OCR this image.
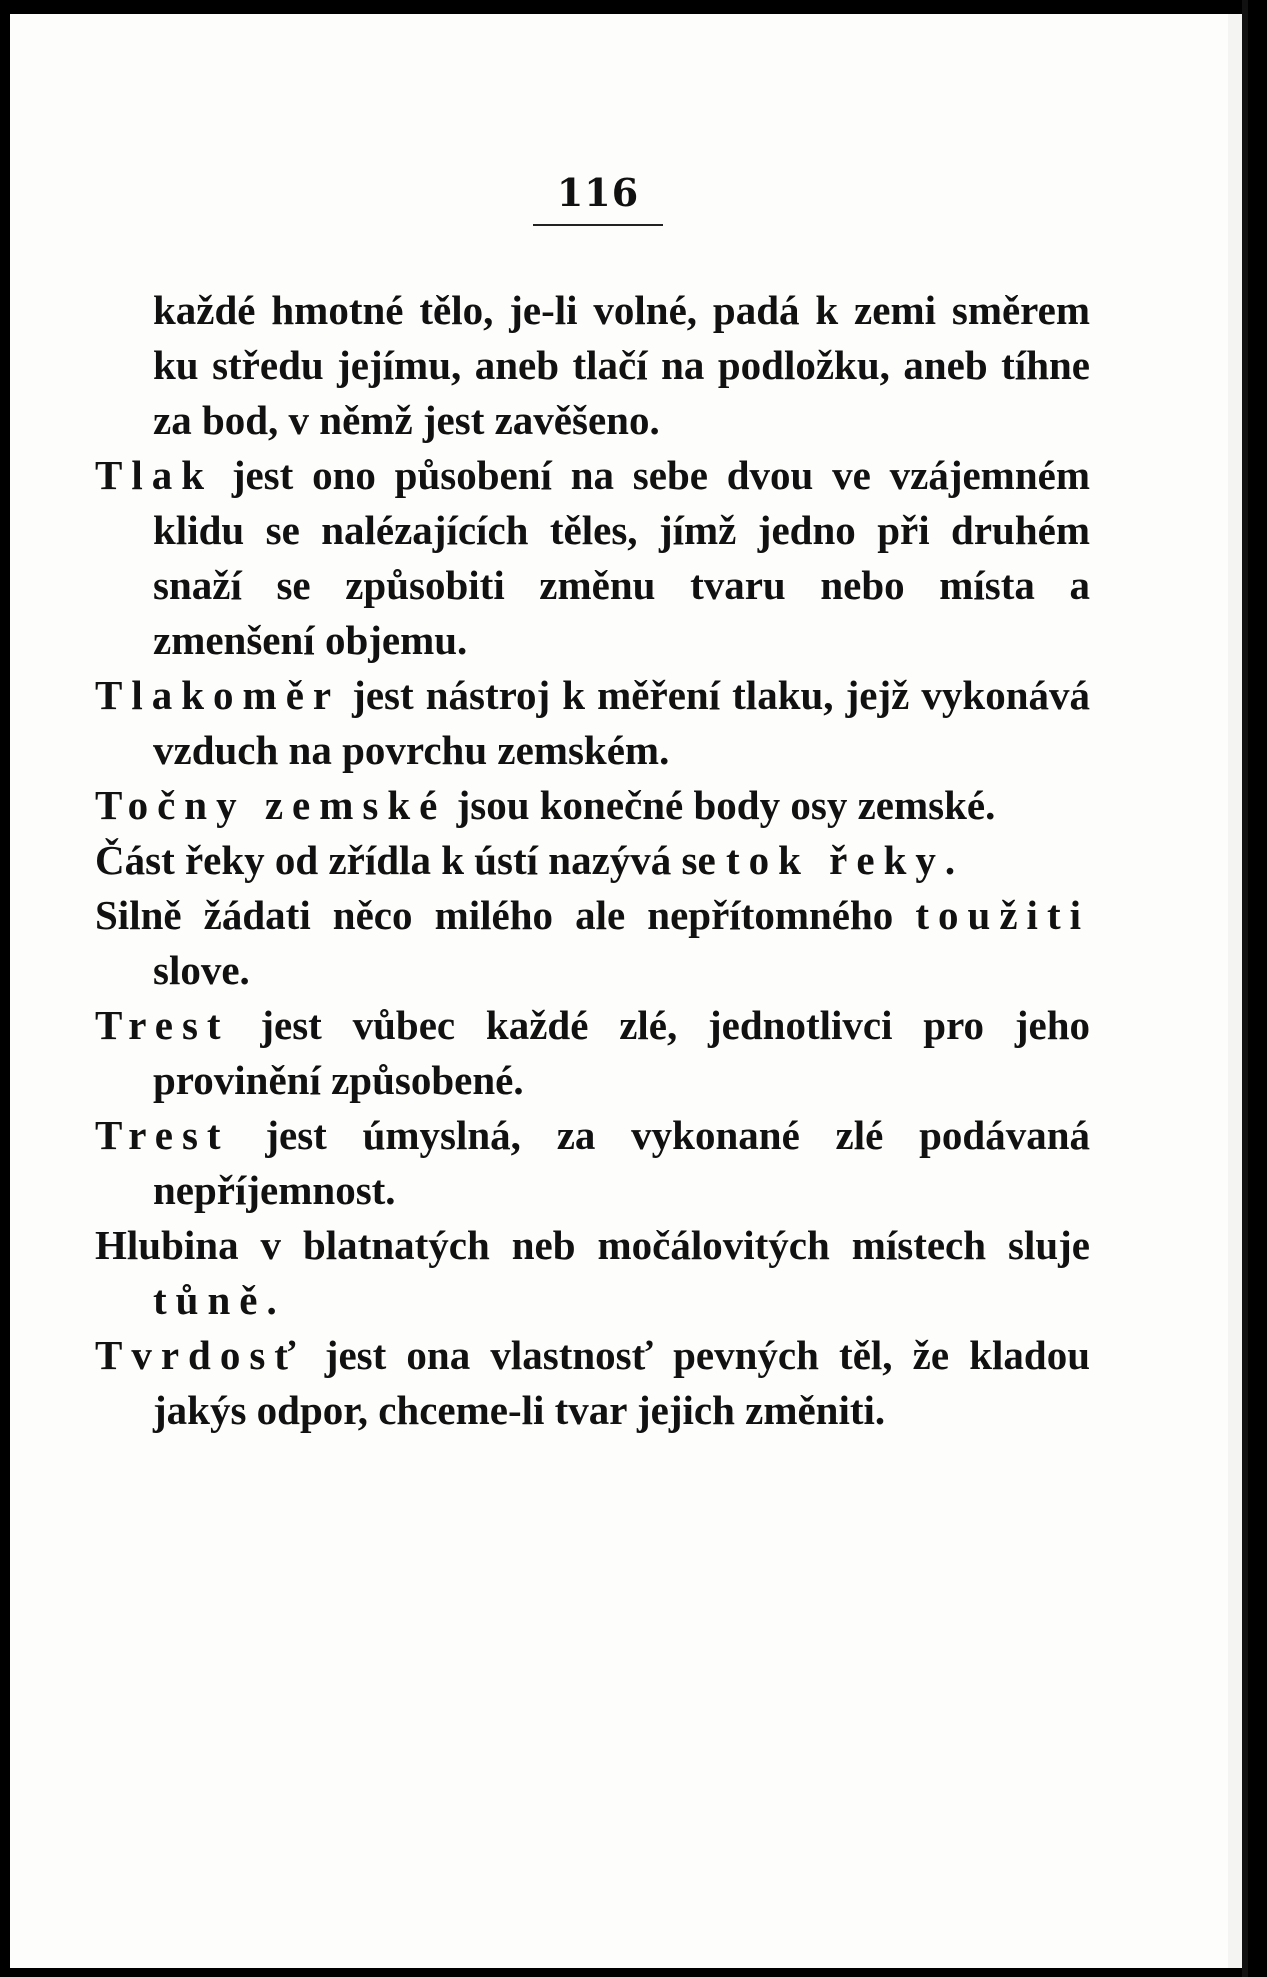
116

každé hmotné tělo, je-li volné, padá k zemi směrem ku středu jejímu, aneb tlačí na podložku, aneb tíhne za bod, v němž jest zavěšeno.

Tlak jest ono působení na sebe dvou ve vzájemném klidu se nalézajících těles, jímž jedno při druhém snaží se způsobiti změnu tvaru nebo místa a zmenšení objemu.

Tlakoměr jest nástroj k měření tlaku, jejž vykonává vzduch na povrchu zemském.

Točny zemské jsou konečné body osy zemské.

Část řeky od zřídla k ústí nazývá se tok řeky.

Silně žádati něco milého ale nepřítomného toužiti slove.

Trest jest vůbec každé zlé, jednotlivci pro jeho provinění způsobené.

Trest jest úmyslná, za vykonané zlé podávaná nepříjemnost.

Hlubina v blatnatých neb močálovitých místech sluje tůně.

Tvrdosť jest ona vlastnosť pevných těl, že kladou jakýs odpor, chceme-li tvar jejich změniti.
